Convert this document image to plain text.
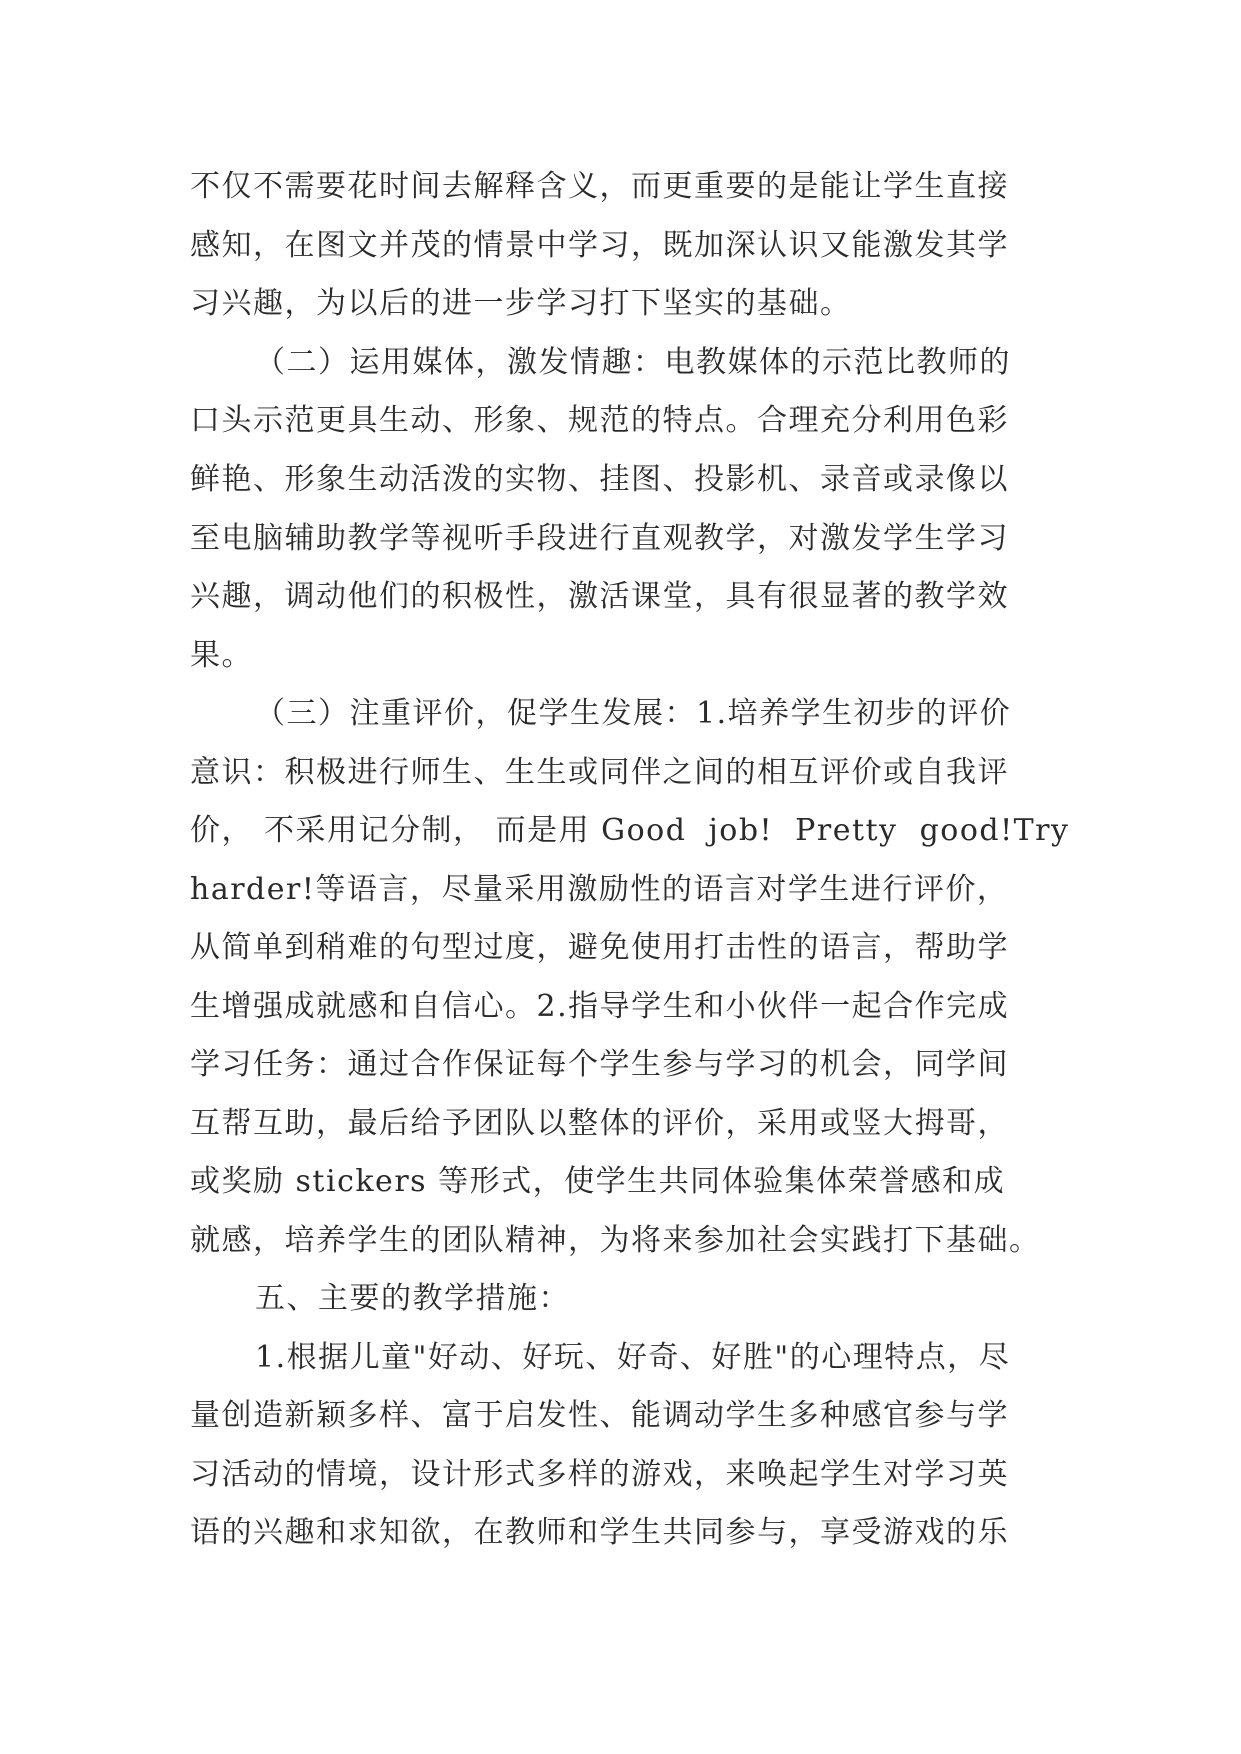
不仅不需要花时间去解释含义，而更重要的是能让学生直接
感知，在图文并茂的情景中学习，既加深认识又能激发其学
习兴趣，为以后的进一步学习打下坚实的基础。
（二）运用媒体，激发情趣：电教媒体的示范比教师的
口头示范更具生动、形象、规范的特点。合理充分利用色彩
鲜艳、形象生动活泼的实物、挂图、投影机、录音或录像以
至电脑辅助教学等视听手段进行直观教学，对激发学生学习
兴趣，调动他们的积极性，激活课堂，具有很显著的教学效
果。
（三）注重评价，促学生发展：1.培养学生初步的评价
意识：积极进行师生、生生或同伴之间的相互评价或自我评
价， 不采用记分制， 而是用 Good  job!  Pretty  good!Try
harder!等语言，尽量采用激励性的语言对学生进行评价，
从简单到稍难的句型过度，避免使用打击性的语言，帮助学
生增强成就感和自信心。2.指导学生和小伙伴一起合作完成
学习任务：通过合作保证每个学生参与学习的机会，同学间
互帮互助，最后给予团队以整体的评价，采用或竖大拇哥，
或奖励 stickers 等形式，使学生共同体验集体荣誉感和成
就感，培养学生的团队精神，为将来参加社会实践打下基础。
五、主要的教学措施：
1.根据儿童"好动、好玩、好奇、好胜"的心理特点，尽
量创造新颖多样、富于启发性、能调动学生多种感官参与学
习活动的情境，设计形式多样的游戏，来唤起学生对学习英
语的兴趣和求知欲，在教师和学生共同参与，享受游戏的乐
